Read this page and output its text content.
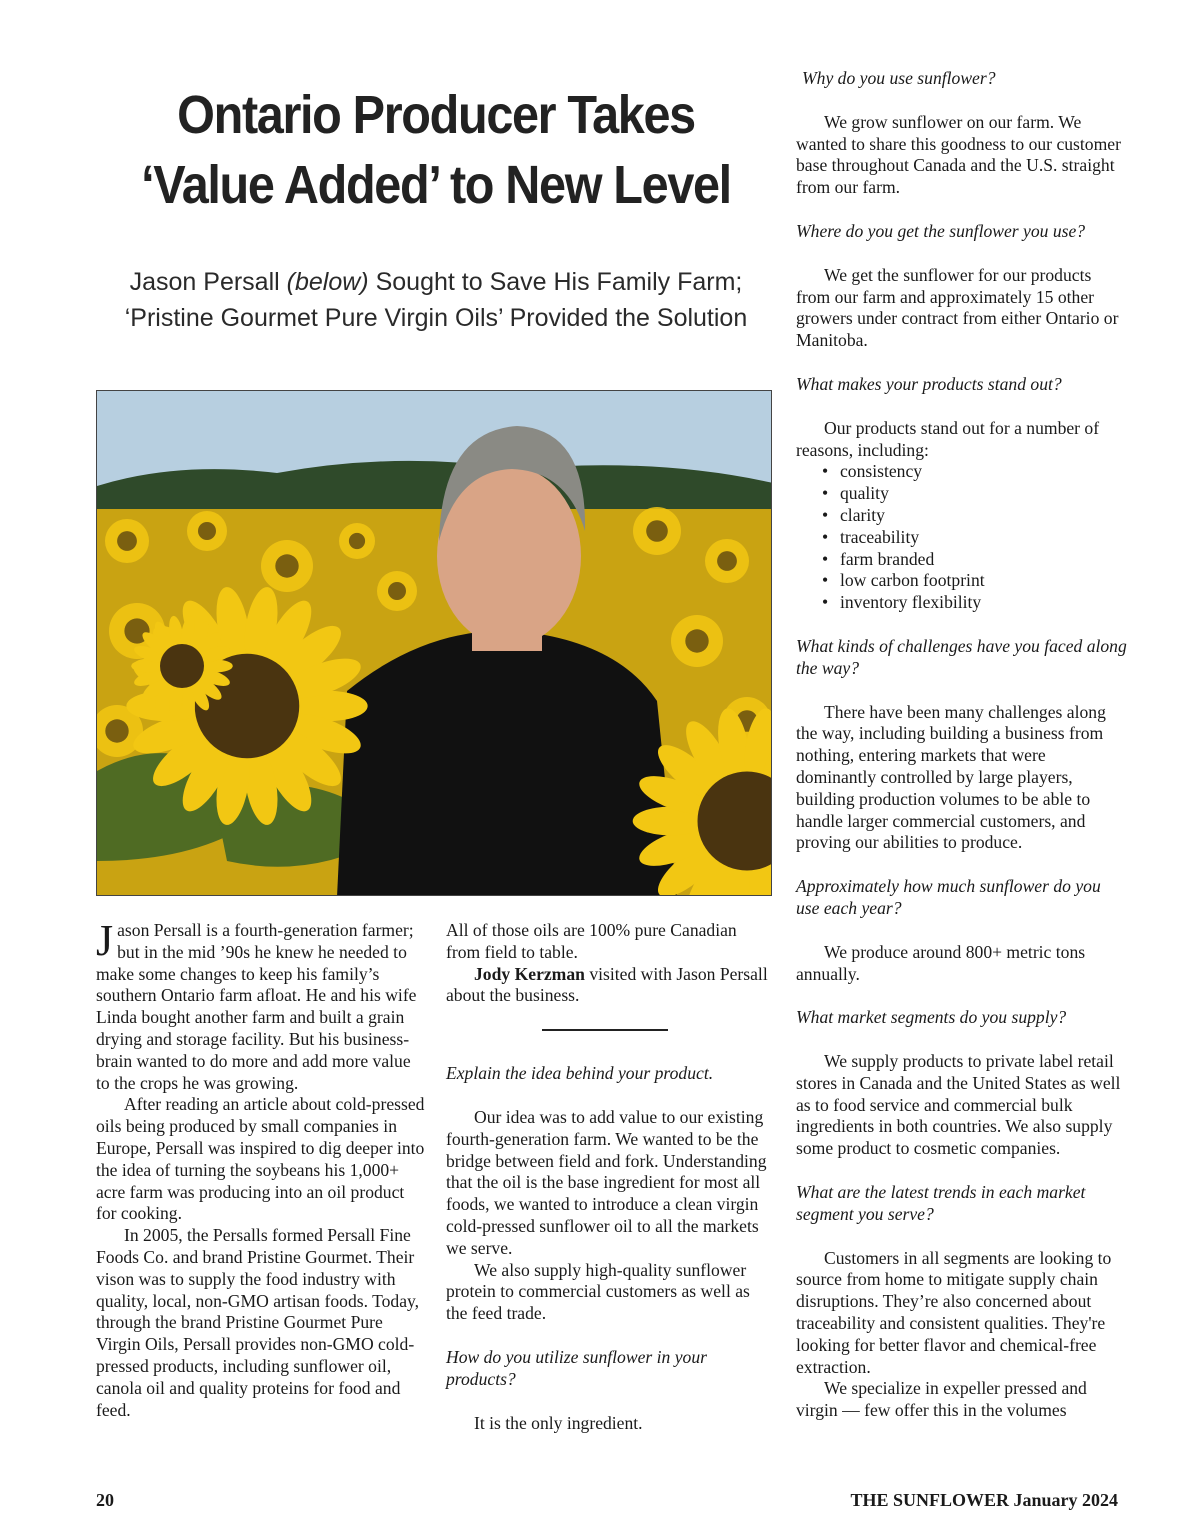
Ontario Producer Takes
‘Value Added’ to New Level
Jason Persall (below) Sought to Save His Family Farm;
‘Pristine Gourmet Pure Virgin Oils’ Provided the Solution

Jason Persall is a fourth-generation farmer; but in the mid ’90s he knew he needed to make some changes to keep his family’s southern Ontario farm afloat. He and his wife Linda bought another farm and built a grain drying and storage facility. But his business-brain wanted to do more and add more value to the crops he was growing.

After reading an article about cold-pressed oils being produced by small companies in Europe, Persall was inspired to dig deeper into the idea of turning the soybeans his 1,000+ acre farm was producing into an oil product for cooking.

In 2005, the Persalls formed Persall Fine Foods Co. and brand Pristine Gourmet. Their vison was to supply the food industry with quality, local, non-GMO artisan foods. Today, through the brand Pristine Gourmet Pure Virgin Oils, Persall provides non-GMO cold-pressed products, including sunflower oil, canola oil and quality proteins for food and feed.

All of those oils are 100% pure Canadian from field to table.

Jody Kerzman visited with Jason Persall about the business.

Explain the idea behind your product.

Our idea was to add value to our existing fourth-generation farm. We wanted to be the bridge between field and fork. Understanding that the oil is the base ingredient for most all foods, we wanted to introduce a clean virgin cold-pressed sunflower oil to all the markets we serve.

We also supply high-quality sunflower protein to commercial customers as well as the feed trade.

How do you utilize sunflower in your products?

It is the only ingredient.

Why do you use sunflower?

We grow sunflower on our farm. We wanted to share this goodness to our customer base throughout Canada and the U.S. straight from our farm.

Where do you get the sunflower you use?

We get the sunflower for our products from our farm and approximately 15 other growers under contract from either Ontario or Manitoba.

What makes your products stand out?

Our products stand out for a number of reasons, including:

• consistency
• quality
• clarity
• traceability
• farm branded
• low carbon footprint
• inventory flexibility

What kinds of challenges have you faced along the way?

There have been many challenges along the way, including building a business from nothing, entering markets that were dominantly controlled by large players, building production volumes to be able to handle larger commercial customers, and proving our abilities to produce.

Approximately how much sunflower do you use each year?

We produce around 800+ metric tons annually.

What market segments do you supply?

We supply products to private label retail stores in Canada and the United States as well as to food service and commercial bulk ingredients in both countries. We also supply some product to cosmetic companies.

What are the latest trends in each market segment you serve?

Customers in all segments are looking to source from home to mitigate supply chain disruptions. They’re also concerned about traceability and consistent qualities. They're looking for better flavor and chemical-free extraction.

We specialize in expeller pressed and virgin — few offer this in the volumes

20	THE SUNFLOWER January 2024
